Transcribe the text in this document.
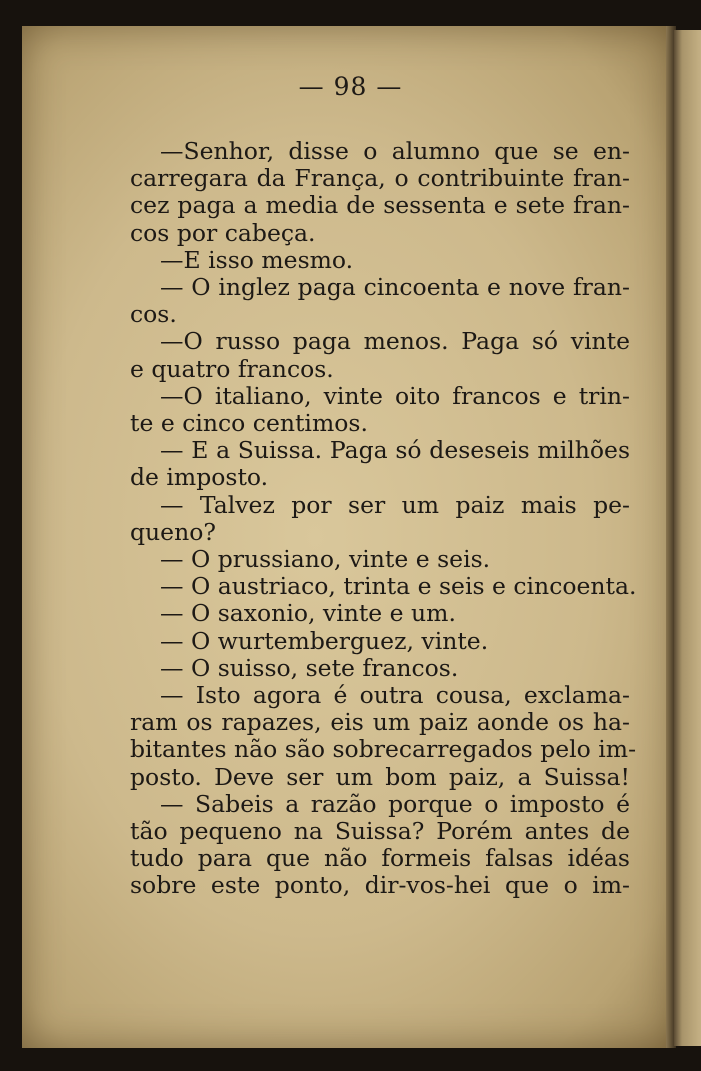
— 98 —
—Senhor, disse o alumno que se en-
carregara da França, o contribuinte fran-
cez paga a media de sessenta e sete fran-
cos por cabeça.
—E isso mesmo.
— O inglez paga cincoenta e nove fran-
cos.
—O russo paga menos. Paga só vinte
e quatro francos.
—O italiano, vinte oito francos e trin-
te e cinco centimos.
— E a Suissa. Paga só deseseis milhões
de imposto.
— Talvez por ser um paiz mais pe-
queno?
— O prussiano, vinte e seis.
— O austriaco, trinta e seis e cincoenta.
— O saxonio, vinte e um.
— O wurtemberguez, vinte.
— O suisso, sete francos.
— Isto agora é outra cousa, exclama-
ram os rapazes, eis um paiz aonde os ha-
bitantes não são sobrecarregados pelo im-
posto. Deve ser um bom paiz, a Suissa!
— Sabeis a razão porque o imposto é
tão pequeno na Suissa? Porém antes de
tudo para que não formeis falsas idéas
sobre este ponto, dir-vos-hei que o im-
